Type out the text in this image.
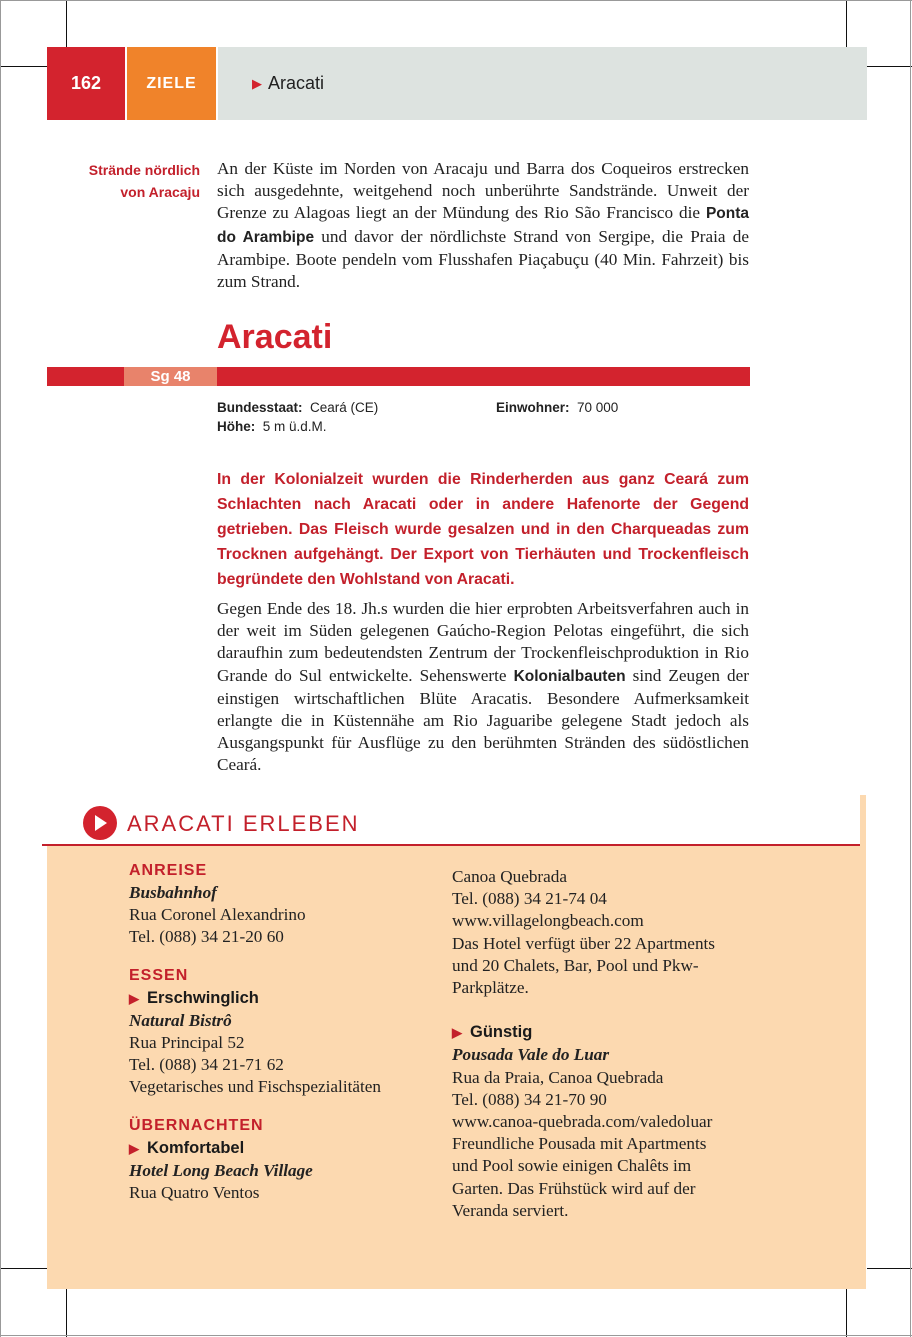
162	ZIELE	▶ Aracati
Strände nördlich
von Aracaju
An der Küste im Norden von Aracaju und Barra dos Coqueiros erstrecken sich ausgedehnte, weitgehend noch unberührte Sandstrände. Unweit der Grenze zu Alagoas liegt an der Mündung des Rio São Francisco die Ponta do Arambipe und davor der nördlichste Strand von Sergipe, die Praia de Arambipe. Boote pendeln vom Flusshafen Piaçabuçu (40 Min. Fahrzeit) bis zum Strand.
Aracati
Sg 48
Bundesstaat: Ceará (CE)	Einwohner: 70 000
Höhe: 5 m ü.d.M.
In der Kolonialzeit wurden die Rinderherden aus ganz Ceará zum Schlachten nach Aracati oder in andere Hafenorte der Gegend getrieben. Das Fleisch wurde gesalzen und in den Charqueadas zum Trocknen aufgehängt. Der Export von Tierhäuten und Trockenfleisch begründete den Wohlstand von Aracati.
Gegen Ende des 18. Jh.s wurden die hier erprobten Arbeitsverfahren auch in der weit im Süden gelegenen Gaúcho-Region Pelotas eingeführt, die sich daraufhin zum bedeutendsten Zentrum der Trockenfleischproduktion in Rio Grande do Sul entwickelte. Sehenswerte Kolonialbauten sind Zeugen der einstigen wirtschaftlichen Blüte Aracatis. Besondere Aufmerksamkeit erlangte die in Küstennähe am Rio Jaguaribe gelegene Stadt jedoch als Ausgangspunkt für Ausflüge zu den berühmten Stränden des südöstlichen Ceará.
ARACATI ERLEBEN
ANREISE
Busbahnhof
Rua Coronel Alexandrino
Tel. (088) 34 21-20 60
ESSEN
▶ Erschwinglich
Natural Bistrô
Rua Principal 52
Tel. (088) 34 21-71 62
Vegetarisches und Fischspezialitäten
ÜBERNACHTEN
▶ Komfortabel
Hotel Long Beach Village
Rua Quatro Ventos
Canoa Quebrada
Tel. (088) 34 21-74 04
www.villagelongbeach.com
Das Hotel verfügt über 22 Apartments
und 20 Chalets, Bar, Pool und Pkw-
Parkplätze.
▶ Günstig
Pousada Vale do Luar
Rua da Praia, Canoa Quebrada
Tel. (088) 34 21-70 90
www.canoa-quebrada.com/valedoluar
Freundliche Pousada mit Apartments
und Pool sowie einigen Chalêts im
Garten. Das Frühstück wird auf der
Veranda serviert.
